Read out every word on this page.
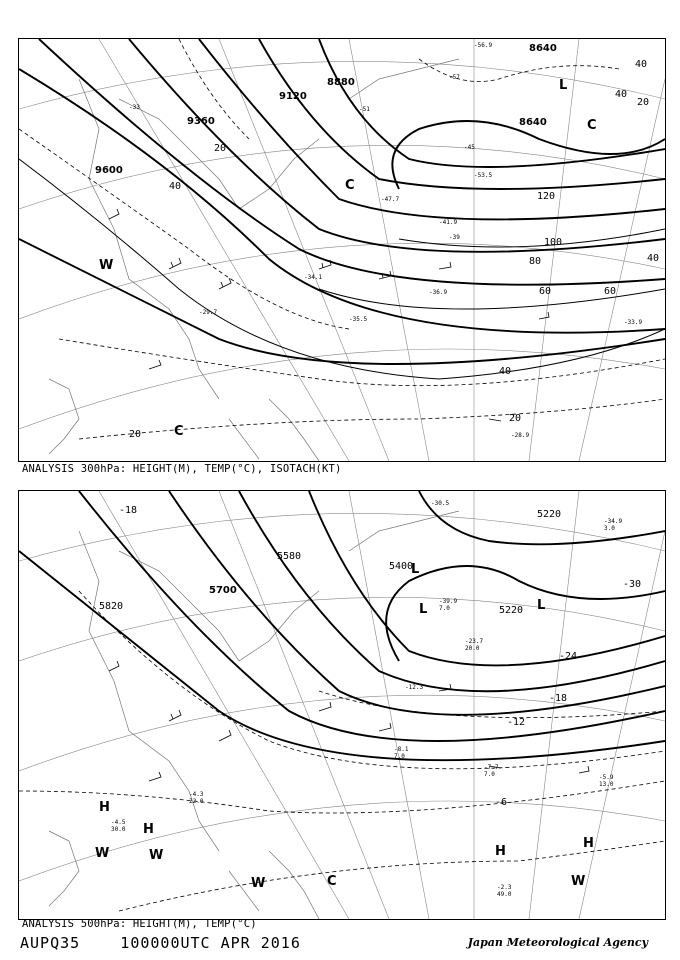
9600
9360
9120
8880
8640
8640
40
40
20
20
20
60
80
100
120
60
40
40
20
40
-33	-51
-57
-45
-39
-33.9
-35.5
-28.9
-29.7
-36.9
-34.1
-53.5
-56.9
-47.7
-41.9
L
C
C
W
C
ANALYSIS 300hPa: HEIGHT(M), TEMP(°C), ISOTACH(KT)
5820
5700
5580
5220
5220
5400
-18
-30
-24
-18
-12
-6
-7.7
7.0	-5.9
13.0
-2.3
49.0
-8.1
7.0
-4.5
30.0
-4.3
22.0
-34.9
3.0
-23.7
20.0
-39.9
7.0
-12.3
-30.5
L	L
L
H
H
H
H
W	W
W	W
C
ANALYSIS 500hPa: HEIGHT(M), TEMP(°C)
AUPQ35    100000UTC APR 2016	Japan Meteorological Agency
